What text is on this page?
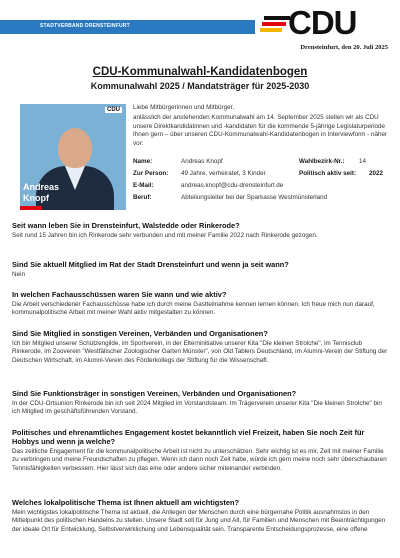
STADTVERBAND DRENSTEINFURT	CDU
Drensteinfurt, den 20. Juli 2025
CDU-Kommunalwahl-Kandidatenbogen
Kommunalwahl 2025 / Mandatsträger für 2025-2030
CDU
Andreas
Knopf

Liebe Mitbürgerinnen und Mitbürger,

anlässlich der anstehenden Kommunalwahl am 14. September 2025 stellen wir als CDU unsere Direktkandidatinnen und -kandidaten für die kommende 5-jährige Legislaturperiode Ihnen gern – über unseren CDU-Kommunalwahl-Kandidatenbogen in Interviewform - näher vor:

Name:	Andreas Knopf	Wahlbezirk-Nr.: 14
Zur Person: 49 Jahre, verheiratet, 3 Kinder	Politisch aktiv seit: 2022
E-Mail:	andreas.knopf@cdu-drensteinfurt.de
Beruf:	Abteilungsleiter bei der Sparkasse Westmünsterland
Seit wann leben Sie in Drensteinfurt, Walstedde oder Rinkerode?
Seit rund 15 Jahren bin ich Rinkerode sehr verbunden und mit meiner Familie 2022 nach Rinkerode gezogen.
Sind Sie aktuell Mitglied im Rat der Stadt Drensteinfurt und wenn ja seit wann?
Nein
In welchen Fachausschüssen waren Sie wann und wie aktiv?
Die Arbeit verschiedener Fachausschüsse habe ich durch meine Gastteilnahme kennen lernen können. Ich freue mich nun darauf, kommunalpolitische Arbeit mit meiner Wahl aktiv mitgestalten zu können.
Sind Sie Mitglied in sonstigen Vereinen, Verbänden und Organisationen?
Ich bin Mitglied unserer Schützengilde, im Sportverein, in der Elterninitiative unserer Kita "Die kleinen Strolche", im Tennisclub Rinkerode, im Zooverein "Westfälischer Zoologischer Garten Münster", von Old Tablers Deutschland, im Alumni-Verein der Stiftung der Deutschen Wirtschaft, im Alumni-Verein des Förderkollegs der Stiftung für die Wissenschaft.
Sind Sie Funktionsträger in sonstigen Vereinen, Verbänden und Organisationen?
In der CDU-Ortsunion Rinkerode bin ich seit 2024 Mitglied im Vorstandsteam. Im Trägerverein unserer Kita "Die kleinen Strolche" bin ich Mitglied im geschäftsführenden Vorstand.
Politisches und ehrenamtliches Engagement kostet bekanntlich viel Freizeit, haben Sie noch Zeit für Hobbys und wenn ja welche?
Das zeitliche Engagement für die kommunalpolitische Arbeit ist nicht zu unterschätzen. Sehr wichtig ist es mir, Zeit mit meiner Familie zu verbringen und meine Freundschaften zu pflegen. Wenn ich dann noch Zeit habe, würde ich gern meine noch sehr überschaubaren Tennisfähigkeiten verbessern. Hier lässt sich das eine oder andere sicher miteinander verbinden.
Welches lokalpolitische Thema ist Ihnen aktuell am wichtigsten?
Mein wichtigstes lokalpolitische Thema ist aktuell, die Anliegen der Menschen durch eine bürgernahe Politik ausnahmslos in den Mittelpunkt des politischen Handelns zu stellen. Unsere Stadt soll für Jung und Alt, für Familien und Menschen mit Beeinträchtigungen der ideale Ort für Entwicklung, Selbstverwirklichung und Lebensqualität sein. Transparente Entscheidungsprozesse, eine offene
